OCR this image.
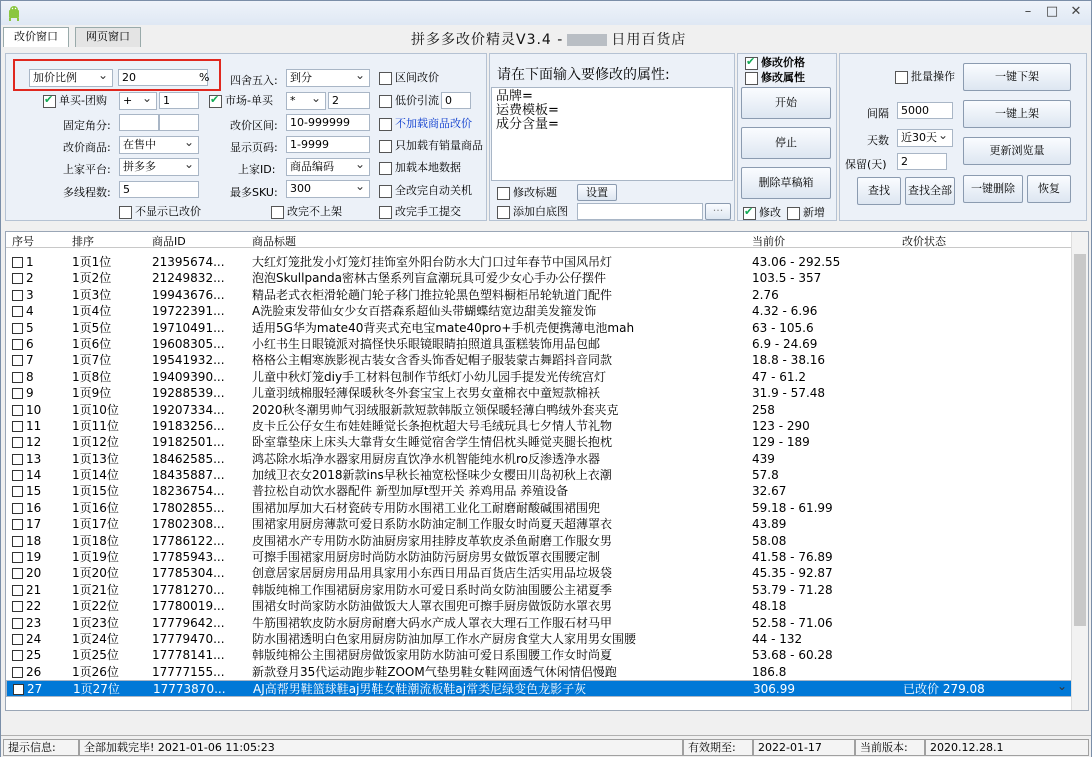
–	□ ✕
改价窗口	网页窗口	拼多多改价精灵V3.4 -	日用百货店
加价比例 ⌄	20	% 四舍五入:	到分 ⌄
单买-团购 ✔	+ ⌄	1	市场-单买 ✔	* ⌄	2
固定角分:	改价区间:	10-999999
改价商品:	在售中 ⌄	显示页码:	1-9999
上家平台:	拼多多 ⌄	上家ID:	商品编码 ⌄
多线程数:	5	最多SKU:	300 ⌄
区间改价
低价引流 0
不加载商品改价
只加载有销量商品
加载本地数据
全改完自动关机
不显示已改价	改完不上架	改完手工提交
请在下面输入要修改的属性:
品牌=
运费模板=
成分含量=
修改标题	设置
添加白底图	···
修改价格 ✔
修改属性
开始
停止
删除草稿箱
修改 ✔	新增
批量操作	一键下架
间隔	5000	一键上架
天数	近30天 ⌄
更新浏览量
保留(天)	2
查找	查找全部	一键删除	恢复
序号	排序	商品ID	商品标题	当前价	改价状态
1	1页1位	21395674...	大红灯笼批发小灯笼灯挂饰室外阳台防水大门口过年春节中国风吊灯	43.06 - 292.55
2	1页2位	21249832...	泡泡Skullpanda密林古堡系列盲盒潮玩具可爱少女心手办公仔摆件	103.5 - 357
3	1页3位	19943676...	精品老式衣柜滑轮趟门轮子移门推拉轮黑色塑料橱柜吊轮轨道门配件	2.76
4	1页4位	19722391...	A洗脸束发带仙女少女百搭森系超仙头带蝴蝶结宽边甜美发箍发饰	4.32 - 6.96
5	1页5位	19710491...	适用5G华为mate40背夹式充电宝mate40pro+手机壳便携薄电池mah	63 - 105.6
6	1页6位	19608305...	小红书生日眼镜派对搞怪快乐眼镜眼睛拍照道具蛋糕装饰用品包邮	6.9 - 24.69
7	1页7位	19541932...	格格公主帽寒族影视古装女含香头饰香妃帽子服装蒙古舞蹈抖音同款	18.8 - 38.16
8	1页8位	19409390...	儿童中秋灯笼diy手工材料包制作节纸灯小幼儿园手提发光传统宫灯	47 - 61.2
9	1页9位	19288539...	儿童羽绒棉服轻薄保暖秋冬外套宝宝上衣男女童棉衣中童短款棉袄	31.9 - 57.48
10	1页10位	19207334...	2020秋冬潮男帅气羽绒服新款短款韩版立领保暖轻薄白鸭绒外套夹克	258
11	1页11位	19183256...	皮卡丘公仔女生布娃娃睡觉长条抱枕超大号毛绒玩具七夕情人节礼物	123 - 290
12	1页12位	19182501...	卧室靠垫床上床头大靠背女生睡觉宿舍学生情侣枕头睡觉夹腿长抱枕	129 - 189
13	1页13位	18462585...	鸿芯除水垢净水器家用厨房直饮净水机智能纯水机ro反渗透净水器	439
14	1页14位	18435887...	加绒卫衣女2018新款ins早秋长袖宽松怪味少女樱田川岛初秋上衣潮	57.8
15	1页15位	18236754...	普拉松自动饮水器配件 新型加厚t型开关 养鸡用品 养殖设备	32.67
16	1页16位	17802855...	围裙加厚加大石材瓷砖专用防水围裙工业化工耐磨耐酸碱围裙围兜	59.18 - 61.99
17	1页17位	17802308...	围裙家用厨房薄款可爱日系防水防油定制工作服女时尚夏天超薄罩衣	43.89
18	1页18位	17786122...	皮围裙水产专用防水防油厨房家用挂脖皮革软皮杀鱼耐磨工作服女男	58.08
19	1页19位	17785943...	可擦手围裙家用厨房时尚防水防油防污厨房男女做饭罩衣围腰定制	41.58 - 76.89
20	1页20位	17785304...	创意居家居厨房用品用具家用小东西日用品百货店生活实用品垃圾袋	45.35 - 92.87
21	1页21位	17781270...	韩版纯棉工作围裙厨房家用防水可爱日系时尚女防油围腰公主裙夏季	53.79 - 71.28
22	1页22位	17780019...	围裙女时尚家防水防油做饭大人罩衣围兜可擦手厨房做饭防水罩衣男	48.18
23	1页23位	17779642...	牛筋围裙软皮防水厨房耐磨大码水产成人罩衣大理石工作服石材马甲	52.58 - 71.06
24	1页24位	17779470...	防水围裙透明白色家用厨房防油加厚工作水产厨房食堂大人家用男女围腰	44 - 132
25	1页25位	17778141...	韩版纯棉公主围裙厨房做饭家用防水防油可爱日系围腰工作女时尚夏	53.68 - 60.28
26	1页26位	17777155...	新款登月35代运动跑步鞋ZOOM气垫男鞋女鞋网面透气休闲情侣慢跑	186.8
27	1页27位	17773870...	AJ高帮男鞋篮球鞋aj男鞋女鞋潮流板鞋aj常类尼绿变色龙影子灰	306.99	已改价 279.08
⌄
提示信息:	全部加载完毕! 2021-01-06 11:05:23	有效期至:	2022-01-17	当前版本:	2020.12.28.1
